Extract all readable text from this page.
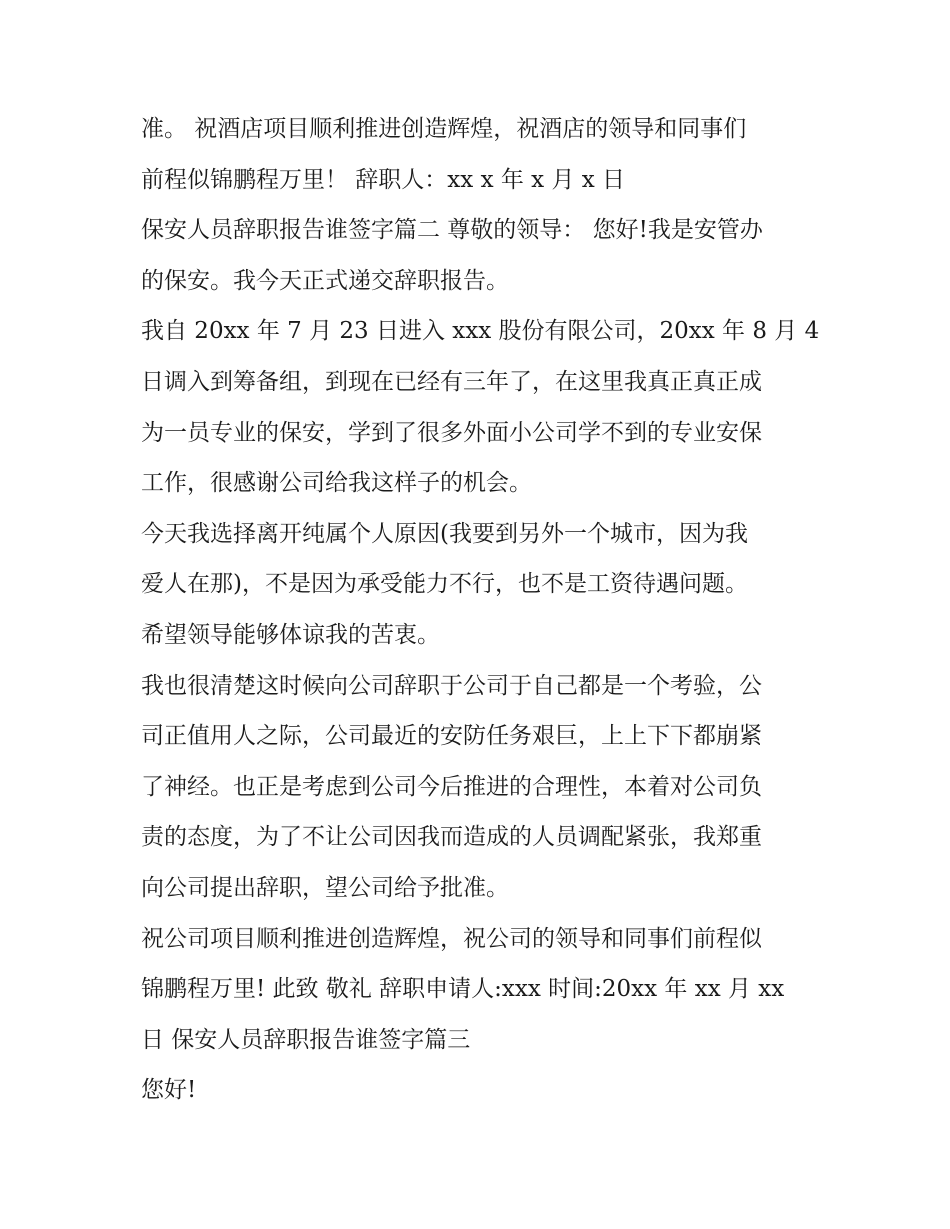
准。 祝酒店项目顺利推进创造辉煌，祝酒店的领导和同事们
前程似锦鹏程万里！ 辞职人：xx x 年 x 月 x 日
保安人员辞职报告谁签字篇二 尊敬的领导： 您好!我是安管办
的保安。我今天正式递交辞职报告。
我自 20xx 年 7 月 23 日进入 xxx 股份有限公司，20xx 年 8 月 4
日调入到筹备组，到现在已经有三年了，在这里我真正真正成
为一员专业的保安，学到了很多外面小公司学不到的专业安保
工作，很感谢公司给我这样子的机会。
今天我选择离开纯属个人原因(我要到另外一个城市，因为我
爱人在那)，不是因为承受能力不行，也不是工资待遇问题。
希望领导能够体谅我的苦衷。
我也很清楚这时候向公司辞职于公司于自己都是一个考验，公
司正值用人之际，公司最近的安防任务艰巨，上上下下都崩紧
了神经。也正是考虑到公司今后推进的合理性，本着对公司负
责的态度，为了不让公司因我而造成的人员调配紧张，我郑重
向公司提出辞职，望公司给予批准。
祝公司项目顺利推进创造辉煌，祝公司的领导和同事们前程似
锦鹏程万里! 此致 敬礼 辞职申请人:xxx 时间:20xx 年 xx 月 xx
日 保安人员辞职报告谁签字篇三
您好!
